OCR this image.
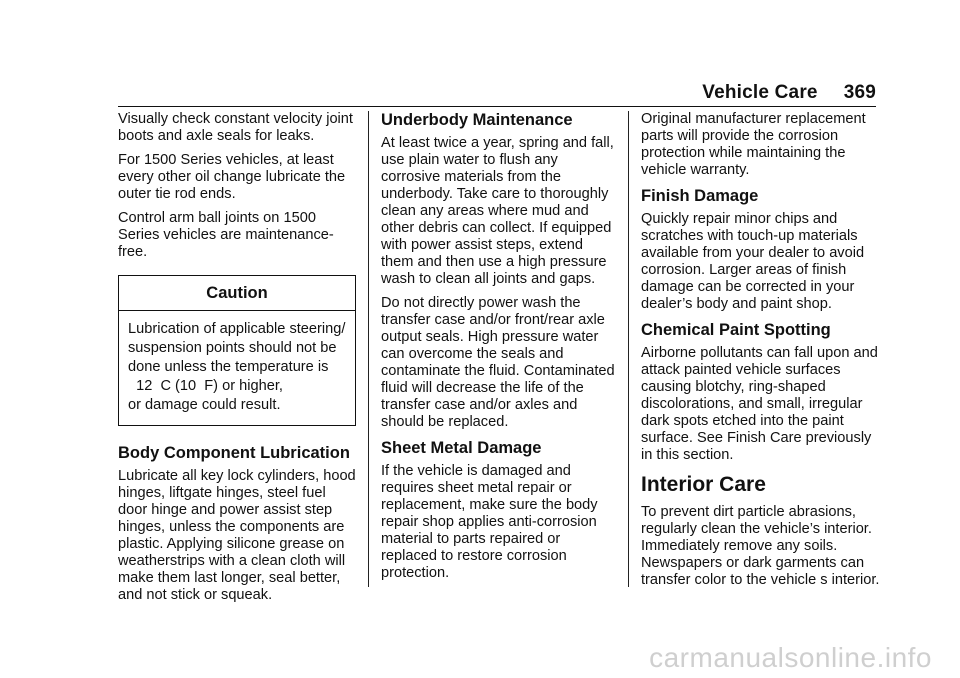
Vehicle Care 369

Visually check constant velocity joint boots and axle seals for leaks.

For 1500 Series vehicles, at least every other oil change lubricate the outer tie rod ends.

Control arm ball joints on 1500 Series vehicles are maintenance-free.

Caution
Lubrication of applicable steering/
suspension points should not be
done unless the temperature is
12  C (10  F) or higher,
or damage could result.
Body Component Lubrication

Lubricate all key lock cylinders, hood hinges, liftgate hinges, steel fuel door hinge and power assist step hinges, unless the components are plastic. Applying silicone grease on weatherstrips with a clean cloth will make them last longer, seal better, and not stick or squeak.

Underbody Maintenance

At least twice a year, spring and fall, use plain water to flush any corrosive materials from the underbody. Take care to thoroughly clean any areas where mud and other debris can collect. If equipped with power assist steps, extend them and then use a high pressure wash to clean all joints and gaps.

Do not directly power wash the transfer case and/or front/rear axle output seals. High pressure water can overcome the seals and contaminate the fluid. Contaminated fluid will decrease the life of the transfer case and/or axles and should be replaced.

Sheet Metal Damage

If the vehicle is damaged and requires sheet metal repair or replacement, make sure the body repair shop applies anti-corrosion material to parts repaired or replaced to restore corrosion protection.

Original manufacturer replacement parts will provide the corrosion protection while maintaining the vehicle warranty.

Finish Damage

Quickly repair minor chips and scratches with touch-up materials available from your dealer to avoid corrosion. Larger areas of finish damage can be corrected in your dealer’s body and paint shop.

Chemical Paint Spotting

Airborne pollutants can fall upon and attack painted vehicle surfaces causing blotchy, ring-shaped discolorations, and small, irregular dark spots etched into the paint surface. See Finish Care previously in this section.

Interior Care

To prevent dirt particle abrasions, regularly clean the vehicle’s interior. Immediately remove any soils. Newspapers or dark garments can transfer color to the vehicle s interior.

carmanualsonline.info
